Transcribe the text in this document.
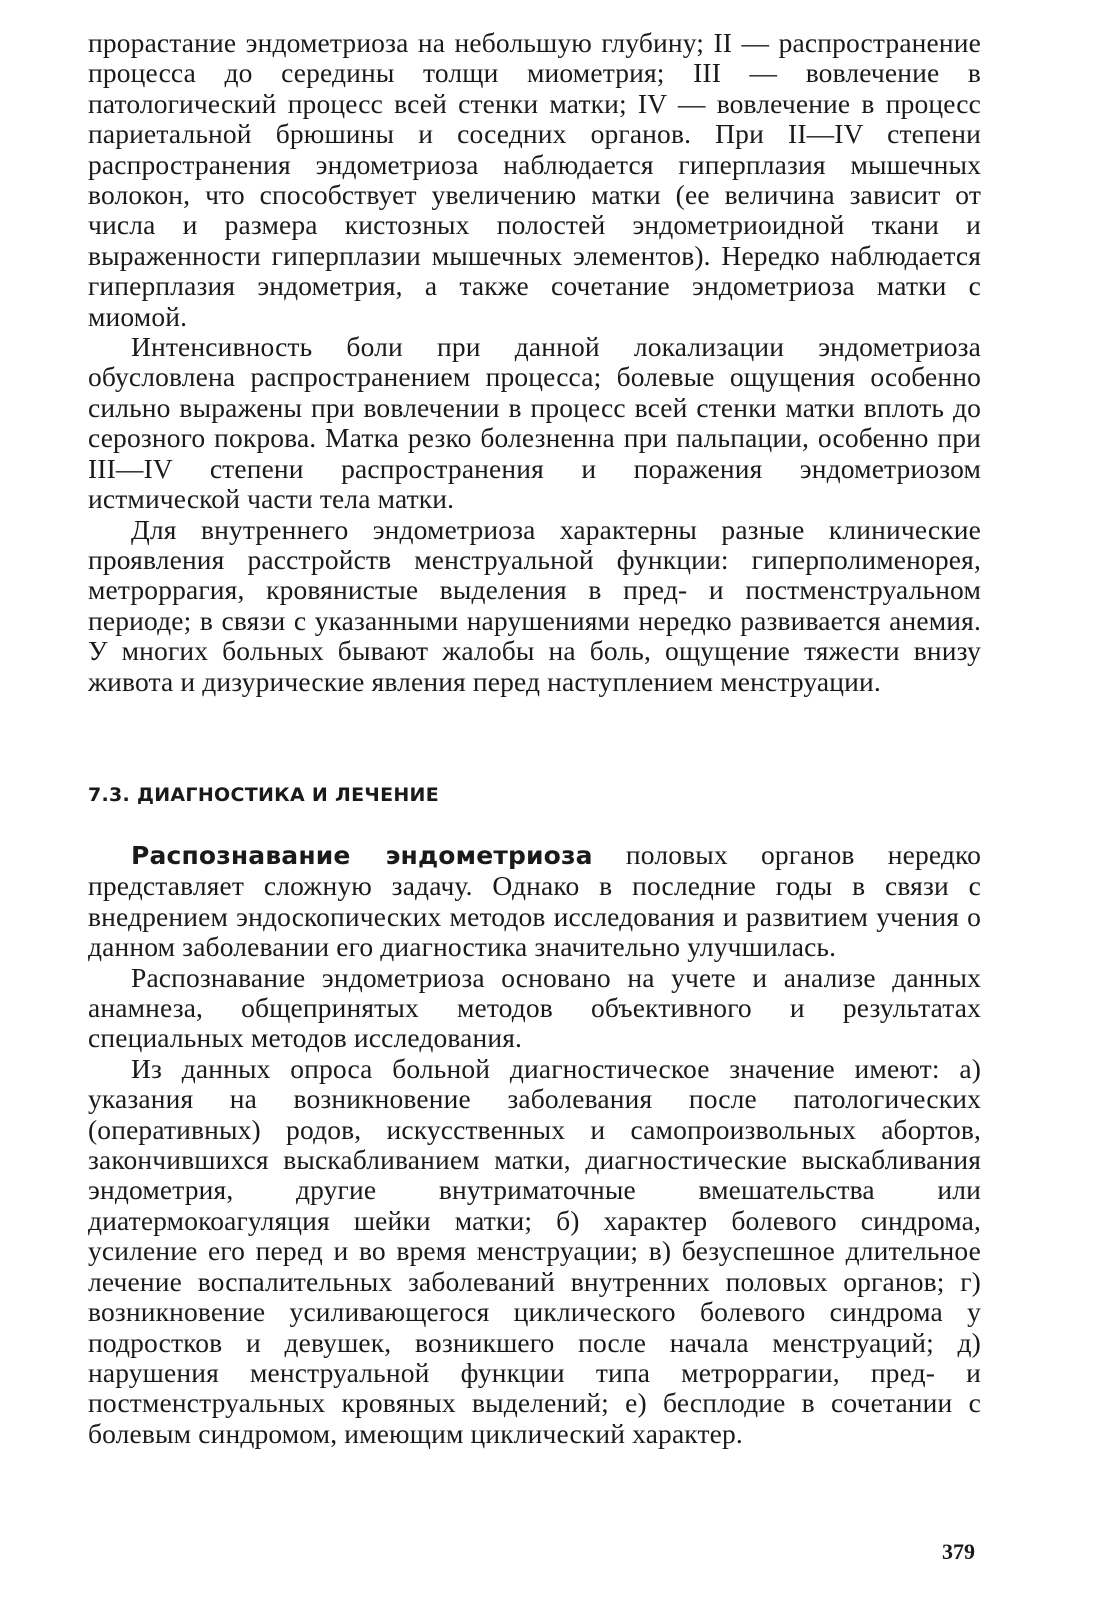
прорастание эндометриоза на небольшую глубину; II — распространение процесса до середины толщи миометрия; III — вовлечение в патологический процесс всей стенки матки; IV — вовлечение в процесс париетальной брюшины и соседних органов. При II—IV степени распространения эндометриоза наблюдается гиперплазия мышечных волокон, что способствует увеличению матки (ее величина зависит от числа и размера кистозных полостей эндометриоидной ткани и выраженности гиперплазии мышечных элементов). Нередко наблюдается гиперплазия эндометрия, а также сочетание эндометриоза матки с миомой.

Интенсивность боли при данной локализации эндометриоза обусловлена распространением процесса; болевые ощущения особенно сильно выражены при вовлечении в процесс всей стенки матки вплоть до серозного покрова. Матка резко болезненна при пальпации, особенно при III—IV степени распространения и поражения эндометриозом истмической части тела матки.

Для внутреннего эндометриоза характерны разные клинические проявления расстройств менструальной функции: гиперполименорея, метроррагия, кровянистые выделения в пред- и постменструальном периоде; в связи с указанными нарушениями нередко развивается анемия. У многих больных бывают жалобы на боль, ощущение тяжести внизу живота и дизурические явления перед наступлением менструации.

7.3. ДИАГНОСТИКА И ЛЕЧЕНИЕ

Распознавание эндометриоза половых органов нередко представляет сложную задачу. Однако в последние годы в связи с внедрением эндоскопических методов исследования и развитием учения о данном заболевании его диагностика значительно улучшилась.

Распознавание эндометриоза основано на учете и анализе данных анамнеза, общепринятых методов объективного и результатах специальных методов исследования.

Из данных опроса больной диагностическое значение имеют: а) указания на возникновение заболевания после патологических (оперативных) родов, искусственных и самопроизвольных абортов, закончившихся выскабливанием матки, диагностические выскабливания эндометрия, другие внутриматочные вмешательства или диатермокоагуляция шейки матки; б) характер болевого синдрома, усиление его перед и во время менструации; в) безуспешное длительное лечение воспалительных заболеваний внутренних половых органов; г) возникновение усиливающегося циклического болевого синдрома у подростков и девушек, возникшего после начала менструаций; д) нарушения менструальной функции типа метроррагии, пред- и постменструальных кровяных выделений; е) бесплодие в сочетании с болевым синдромом, имеющим циклический характер.

379
